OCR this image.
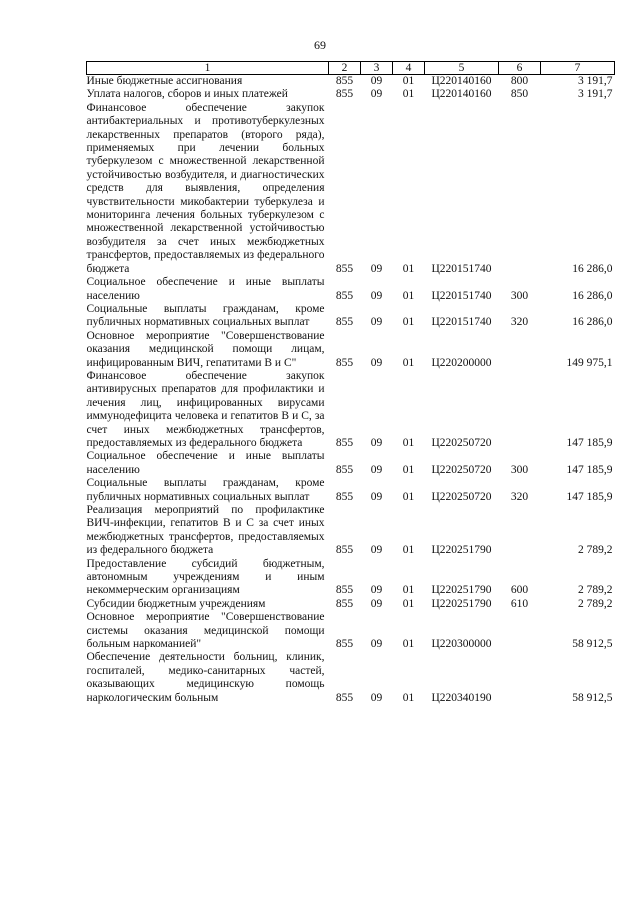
69
1	2	3	4	5	6	7
Иные бюджетные ассигнования	855	09	01	Ц220140160	800	3 191,7
Уплата налогов, сборов и иных платежей	855	09	01	Ц220140160	850	3 191,7
Финансовое обеспечение закупок антибактериальных и противотуберкулезных лекарственных препаратов (второго ряда), применяемых при лечении больных туберкулезом с множественной лекарственной устойчивостью возбудителя, и диагностических средств для выявления, определения чувствительности микобактерии туберкулеза и мониторинга лечения больных туберкулезом с множественной лекарственной устойчивостью возбудителя за счет иных межбюджетных трансфертов, предоставляемых из федерального бюджета	855	09	01	Ц220151740		16 286,0
Социальное обеспечение и иные выплаты населению	855	09	01	Ц220151740	300	16 286,0
Социальные выплаты гражданам, кроме публичных нормативных социальных выплат	855	09	01	Ц220151740	320	16 286,0
Основное мероприятие "Совершенствование оказания медицинской помощи лицам, инфицированным ВИЧ, гепатитами В и С"	855	09	01	Ц220200000		149 975,1
Финансовое обеспечение закупок антивирусных препаратов для профилактики и лечения лиц, инфицированных вирусами иммунодефицита человека и гепатитов В и С, за счет иных межбюджетных трансфертов, предоставляемых из федерального бюджета	855	09	01	Ц220250720		147 185,9
Социальное обеспечение и иные выплаты населению	855	09	01	Ц220250720	300	147 185,9
Социальные выплаты гражданам, кроме публичных нормативных социальных выплат	855	09	01	Ц220250720	320	147 185,9
Реализация мероприятий по профилактике ВИЧ-инфекции, гепатитов В и С за счет иных межбюджетных трансфертов, предоставляемых из федерального бюджета	855	09	01	Ц220251790		2 789,2
Предоставление субсидий бюджетным, автономным учреждениям и иным некоммерческим организациям	855	09	01	Ц220251790	600	2 789,2
Субсидии бюджетным учреждениям	855	09	01	Ц220251790	610	2 789,2
Основное мероприятие "Совершенствование системы оказания медицинской помощи больным наркоманией"	855	09	01	Ц220300000		58 912,5
Обеспечение деятельности больниц, клиник, госпиталей, медико-санитарных частей, оказывающих медицинскую помощь наркологическим больным	855	09	01	Ц220340190		58 912,5
